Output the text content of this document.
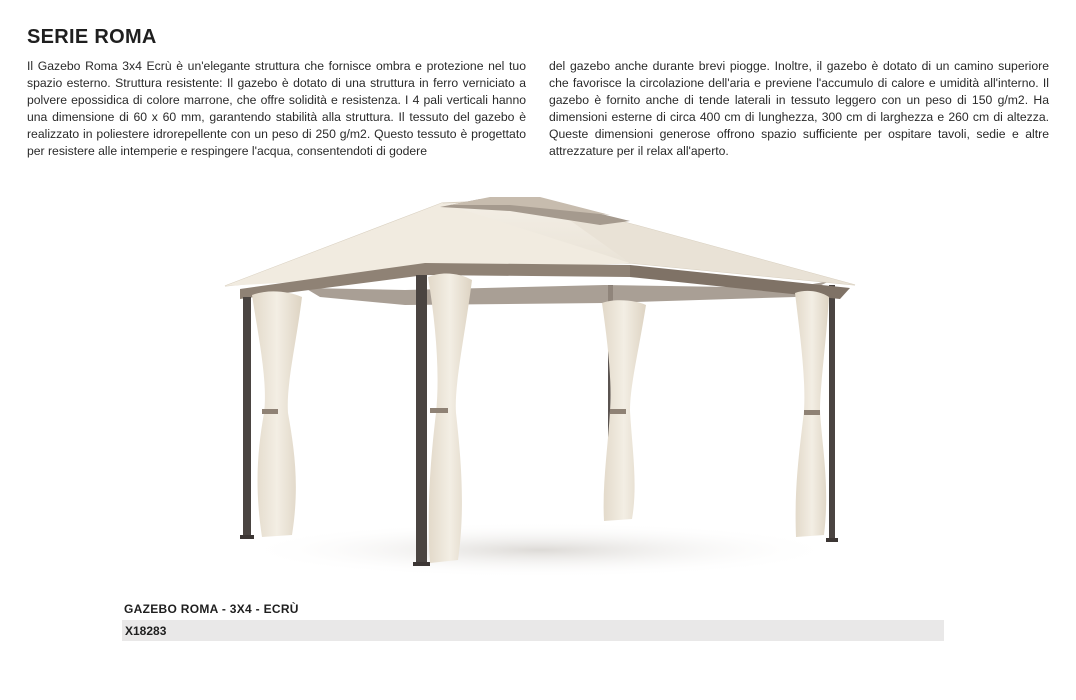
SERIE ROMA

Il Gazebo Roma 3x4 Ecrù è un'elegante struttura che fornisce ombra e protezione nel tuo spazio esterno. Struttura resistente: Il gazebo è dotato di una struttura in ferro verniciato a polvere epossidica di colore marrone, che offre solidità e resistenza. I 4 pali verticali hanno una dimensione di 60 x 60 mm, garantendo stabilità alla struttura. Il tessuto del gazebo è realizzato in poliestere idrorepellente con un peso di 250 g/m2. Questo tessuto è progettato per resistere alle intemperie e respingere l'acqua, consentendoti di godere

del gazebo anche durante brevi piogge. Inoltre, il gazebo è dotato di un camino superiore che favorisce la circolazione dell'aria e previene l'accumulo di calore e umidità all'interno. Il gazebo è fornito anche di tende laterali in tessuto leggero con un peso di 150 g/m2. Ha dimensioni esterne di circa 400 cm di lunghezza, 300 cm di larghezza e 260 cm di altezza. Queste dimensioni generose offrono spazio sufficiente per ospitare tavoli, sedie e altre attrezzature per il relax all'aperto.

GAZEBO ROMA - 3X4 - ECRÙ
X18283
